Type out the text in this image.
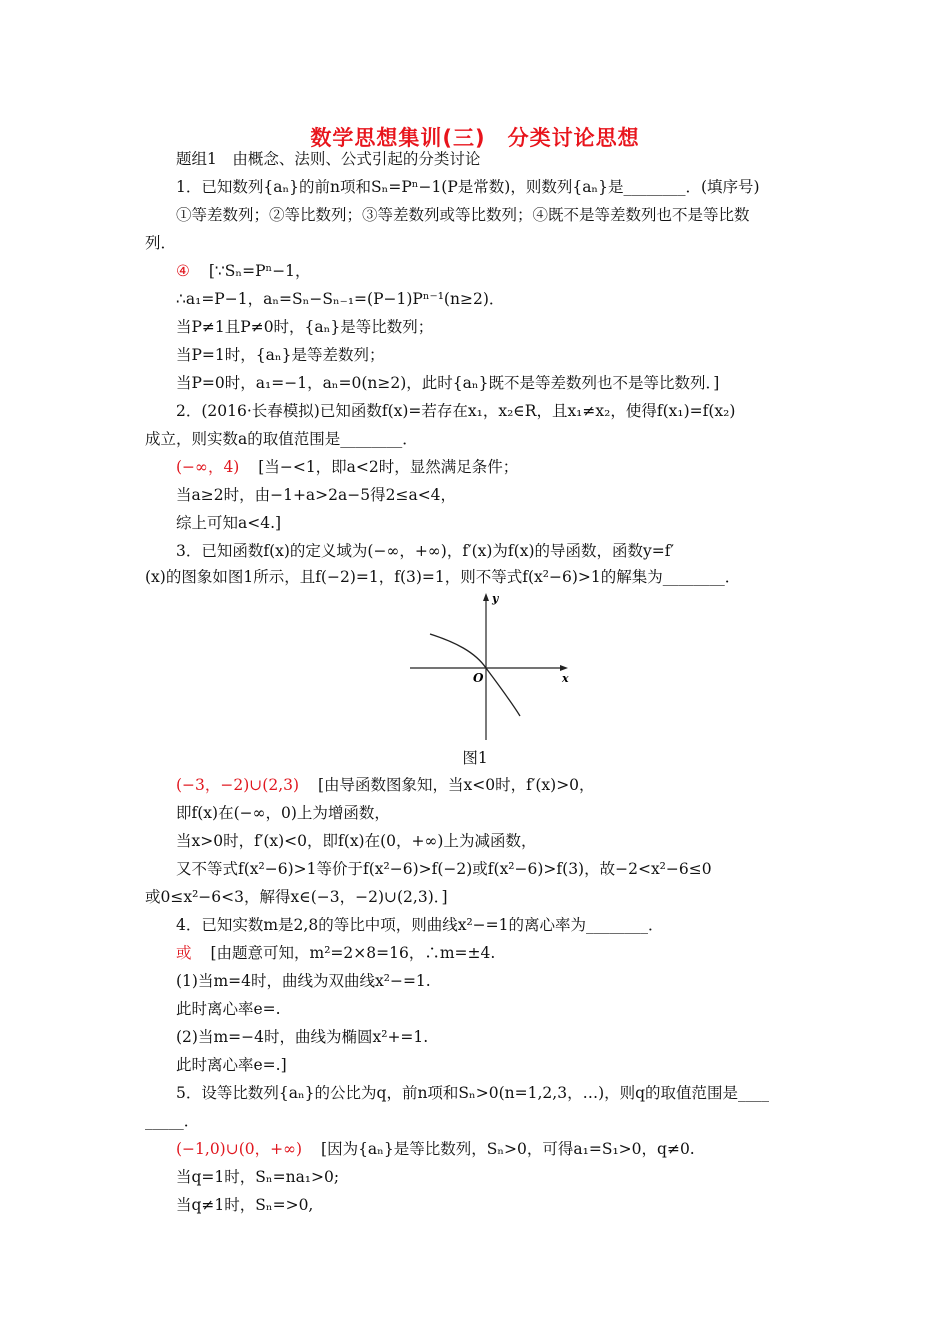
数学思想集训(三)　分类讨论思想
题组1　由概念、法则、公式引起的分类讨论
1．已知数列{aₙ}的前n项和Sₙ=Pⁿ−1(P是常数)，则数列{aₙ}是________．(填序号)
①等差数列；②等比数列；③等差数列或等比数列；④既不是等差数列也不是等比数
列．
④ [∵Sₙ=Pⁿ−1，
∴a₁=P−1，aₙ=Sₙ−Sₙ₋₁=(P−1)Pⁿ⁻¹(n≥2)．
当P≠1且P≠0时，{aₙ}是等比数列；
当P=1时，{aₙ}是等差数列；
当P=0时，a₁=−1，aₙ=0(n≥2)，此时{aₙ}既不是等差数列也不是等比数列．]
2．(2016·长春模拟)已知函数f(x)=若存在x₁，x₂∈R，且x₁≠x₂，使得f(x₁)=f(x₂)
成立，则实数a的取值范围是________．
(−∞，4) [当−<1，即a<2时，显然满足条件；
当a≥2时，由−1+a>2a−5得2≤a<4，
综上可知a<4.]
3．已知函数f(x)的定义域为(−∞，+∞)，f′(x)为f(x)的导函数，函数y=f′
(x)的图象如图1所示，且f(−2)=1，f(3)=1，则不等式f(x²−6)>1的解集为________．
y
x
O
图1
(−3，−2)∪(2,3) [由导函数图象知，当x<0时，f′(x)>0，
即f(x)在(−∞，0)上为增函数，
当x>0时，f′(x)<0，即f(x)在(0，+∞)上为减函数，
又不等式f(x²−6)>1等价于f(x²−6)>f(−2)或f(x²−6)>f(3)，故−2<x²−6≤0
或0≤x²−6<3，解得x∈(−3，−2)∪(2,3)．]
4．已知实数m是2,8的等比中项，则曲线x²−=1的离心率为________．
或 [由题意可知，m²=2×8=16，∴m=±4.
(1)当m=4时，曲线为双曲线x²−=1.
此时离心率e=.
(2)当m=−4时，曲线为椭圆x²+=1.
此时离心率e=.]
5．设等比数列{aₙ}的公比为q，前n项和Sₙ>0(n=1,2,3，…)，则q的取值范围是____
_____．
(−1,0)∪(0，+∞) [因为{aₙ}是等比数列，Sₙ>0，可得a₁=S₁>0，q≠0.
当q=1时，Sₙ=na₁>0;
当q≠1时，Sₙ=>0,
